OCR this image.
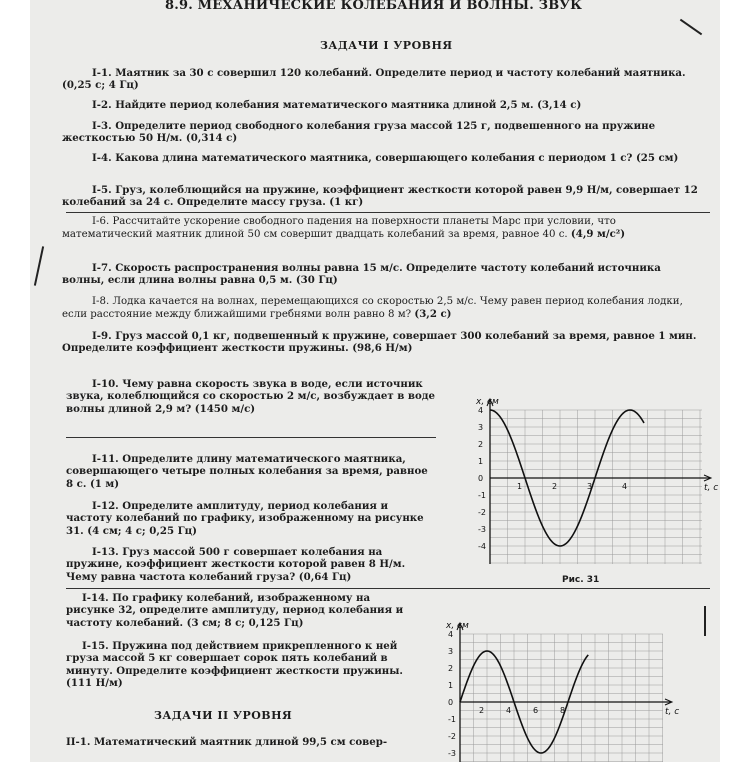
8.9. МЕХАНИЧЕСКИЕ КОЛЕБАНИЯ И ВОЛНЫ. ЗВУК
ЗАДАЧИ I УРОВНЯ
I-1. Маятник за 30 с совершил 120 колебаний. Определите период и частоту колебаний маятника. (0,25 с; 4 Гц)
I-2. Найдите период колебания математического маятника длиной 2,5 м. (3,14 с)
I-3. Определите период свободного колебания груза массой 125 г, подвешенного на пружине жесткостью 50 Н/м. (0,314 с)
I-4. Какова длина математического маятника, совершающего колебания с периодом 1 с? (25 см)
I-5. Груз, колеблющийся на пружине, коэффициент жесткости которой равен 9,9 Н/м, совершает 12 колебаний за 24 с. Определите массу груза. (1 кг)
I-6. Рассчитайте ускорение свободного падения на поверхности планеты Марс при условии, что математический маятник длиной 50 см совершит двадцать колебаний за время, равное 40 с. (4,9 м/с²)
I-7. Скорость распространения волны равна 15 м/с. Определите частоту колебаний источника волны, если длина волны равна 0,5 м. (30 Гц)
I-8. Лодка качается на волнах, перемещающихся со скоростью 2,5 м/с. Чему равен период колебания лодки, если расстояние между ближайшими гребнями волн равно 8 м? (3,2 с)
I-9. Груз массой 0,1 кг, подвешенный к пружине, совершает 300 колебаний за время, равное 1 мин. Определите коэффициент жесткости пружины. (98,6 Н/м)
I-10. Чему равна скорость звука в воде, если источник звука, колеблющийся со скоростью 2 м/с, возбуждает в воде волны длиной 2,9 м? (1450 м/с)
I-11. Определите длину математического маятника, совершающего четыре полных колебания за время, равное 8 с. (1 м)
I-12. Определите амплитуду, период колебания и частоту колебаний по графику, изображенному на рисунке 31. (4 см; 4 с; 0,25 Гц)
I-13. Груз массой 500 г совершает колебания на пружине, коэффициент жесткости которой равен 8 Н/м. Чему равна частота колебаний груза? (0,64 Гц)
I-14. По графику колебаний, изображенному на рисунке 32, определите амплитуду, период колебания и частоту колебаний. (3 см; 8 с; 0,125 Гц)
I-15. Пружина под действием прикрепленного к ней груза массой 5 кг совершает сорок пять колебаний в минуту. Определите коэффициент жесткости пружины. (111 Н/м)
ЗАДАЧИ II УРОВНЯ
II-1. Математический маятник длиной 99,5 см совер-
x, см
t, с
4
3
2
1
0
-1
-2
-3
-4
1	2	3	4
Рис. 31
x, см
t, с
4
3
2
1
0
-1
-2
-3
2	4	6	8
